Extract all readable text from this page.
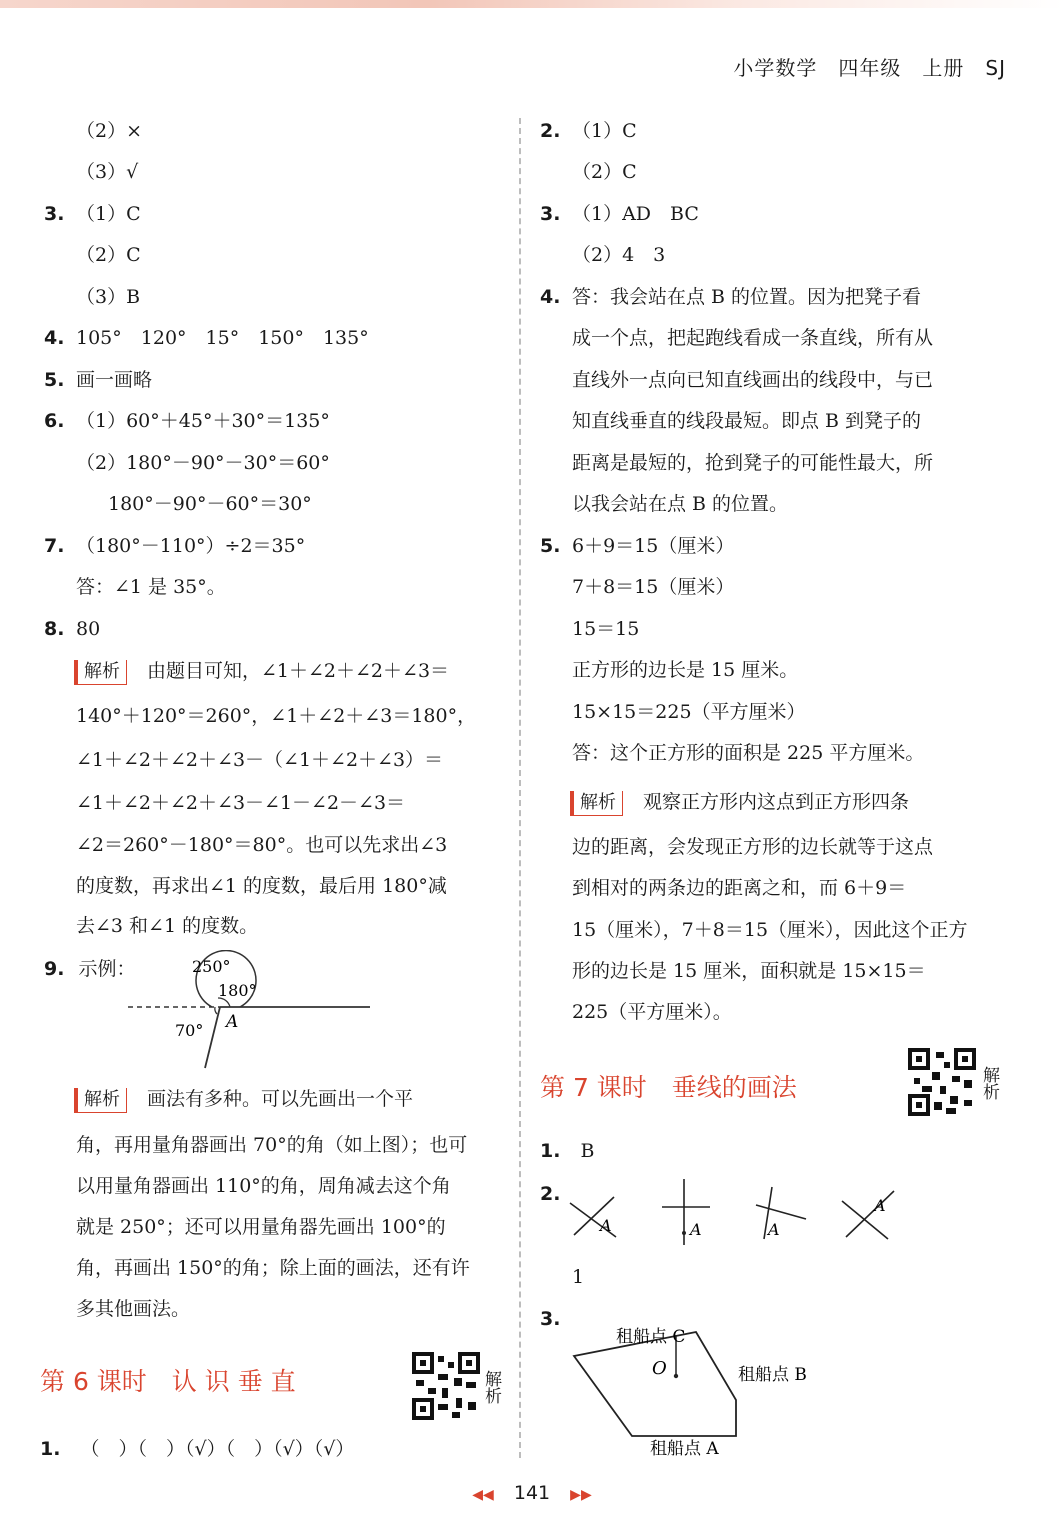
小学数学　四年级　上册　SJ
（2）×
（3）√
3. （1）C
（2）C
（3）B
4. 105°　120°　15°　150°　135°
5. 画一画略
6. （1）60°＋45°＋30°＝135°
（2）180°－90°－30°＝60°
180°－90°－60°＝30°
7. （180°－110°）÷2＝35°
答：∠1 是 35°。
8. 80
2. （1）C
（2）C
3. （1）AD　BC
（2）4　3
4. 答：我会站在点 B 的位置。因为把凳子看
成一个点，把起跑线看成一条直线，所有从
直线外一点向已知直线画出的线段中，与已
知直线垂直的线段最短。即点 B 到凳子的
距离是最短的，抢到凳子的可能性最大，所
以我会站在点 B 的位置。
5. 6＋9＝15（厘米）
7＋8＝15（厘米）
15＝15
正方形的边长是 15 厘米。
15×15＝225（平方厘米）
答：这个正方形的面积是 225 平方厘米。
解析 由题目可知，∠1＋∠2＋∠2＋∠3＝
140°＋120°＝260°，∠1＋∠2＋∠3＝180°，
∠1＋∠2＋∠2＋∠3－（∠1＋∠2＋∠3）＝
∠1＋∠2＋∠2＋∠3－∠1－∠2－∠3＝
∠2＝260°－180°＝80°。也可以先求出∠3
的度数，再求出∠1 的度数，最后用 180°减
去∠3 和∠1 的度数。
9. 示例：	250°
180°
70° A
解析 画法有多种。可以先画出一个平
角，再用量角器画出 70°的角（如上图）；也可
以用量角器画出 110°的角，周角减去这个角
就是 250°；还可以用量角器先画出 100°的
角，再画出 150°的角；除上面的画法，还有许
多其他画法。
第 6 课时　认 识 垂 直	解析
1. （　）（　）（√）（　）（√）（√）
解析 观察正方形内这点到正方形四条
边的距离，会发现正方形的边长就等于这点
到相对的两条边的距离之和，而 6＋9＝
15（厘米），7＋8＝15（厘米），因此这个正方
形的边长是 15 厘米，面积就是 15×15＝
225（平方厘米）。
第 7 课时　垂线的画法	解析
1. B
2.
A	A	A
A
1
3.
O
租船点 C
租船点 B
租船点 A
◀◀ 141 ▶▶
